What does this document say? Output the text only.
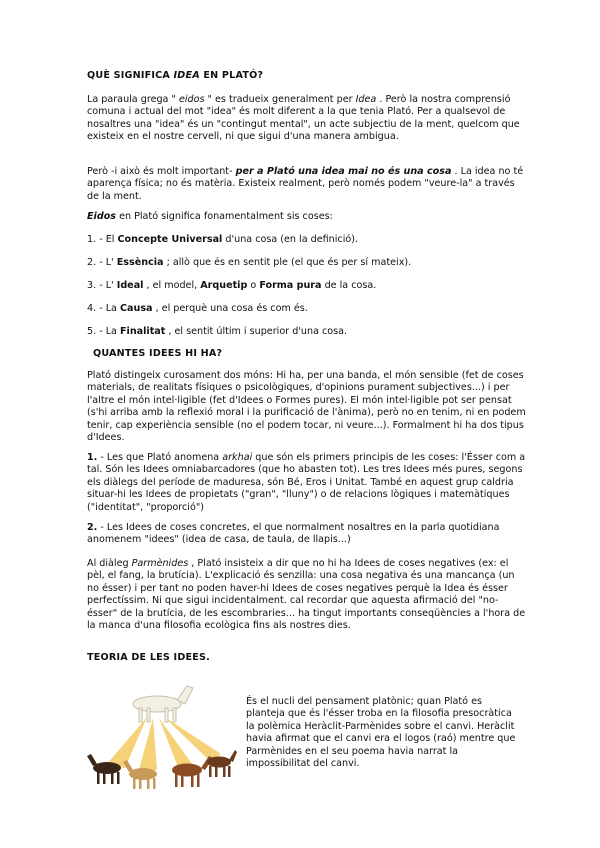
QUÈ SIGNIFICA IDEA EN PLATÓ?

La paraula grega " eidos " es tradueix generalment per Idea . Però la nostra comprensió comuna i actual del mot "idea" és molt diferent a la que tenia Plató. Per a qualsevol de nosaltres una "idea" és un "contingut mental", un acte subjectiu de la ment, quelcom que existeix en el nostre cervell, ni que sigui d'una manera ambigua.

Però -i això és molt important- per a Plató una idea mai no és una cosa . La idea no té aparença física; no és matèria. Existeix realment, però només podem "veure-la" a través de la ment.

Eidos en Plató significa fonamentalment sis coses:

1. - El Concepte Universal d'una cosa (en la definició).

2. - L' Essència ; allò que és en sentit ple (el que és per sí mateix).

3. - L' Ideal , el model, Arquetip o Forma pura de la cosa.

4. - La Causa , el perquè una cosa és com és.

5. - La Finalitat , el sentit últim i superior d'una cosa.

QUANTES IDEES HI HA?

Plató distingeix curosament dos móns: Hi ha, per una banda, el món sensible (fet de coses materials, de realitats físiques o psicològiques, d'opinions purament subjectives...) i per l'altre el món intel·ligible (fet d'Idees o Formes pures). El món intel·ligible pot ser pensat (s'hi arriba amb la reflexió moral i la purificació de l'ànima), però no en tenim, ni en podem tenir, cap experiència sensible (no el podem tocar, ni veure...). Formalment hi ha dos tipus d'Idees.

1. - Les que Plató anomena arkhai que són els primers principis de les coses: l'Ésser com a tal. Són les Idees omniabarcadores (que ho abasten tot). Les tres Idees més pures, segons els diàlegs del període de maduresa, són Bé, Eros i Unitat. També en aquest grup caldria situar-hi les Idees de propietats ("gran", "lluny") o de relacions lògiques i matemàtiques ("identitat", "proporció")

2. - Les Idees de coses concretes, el que normalment nosaltres en la parla quotidiana anomenem "idees" (idea de casa, de taula, de llapis...)

Al diàleg Parmènides , Plató insisteix a dir que no hi ha Idees de coses negatives (ex: el pèl, el fang, la brutícia). L'explicació és senzilla: una cosa negativa és una mancança (un no ésser) i per tant no poden haver-hi Idees de coses negatives perquè la Idea és ésser perfectíssim. Ni que sigui incidentalment. cal recordar que aquesta afirmació del "no-ésser" de la brutícia, de les escombraries... ha tingut importants conseqüències a l'hora de la manca d'una filosofia ecològica fins als nostres dies.

TEORIA DE LES IDEES.

És el nucli del pensament platònic; quan Plató es planteja que és l'ésser troba en la filosofia presocràtica la polèmica Heràclit-Parmènides sobre el canvi. Heràclit havia afirmat que el canvi era el logos (raó) mentre que Parmènides en el seu poema havia narrat la impossibilitat del canvi.
